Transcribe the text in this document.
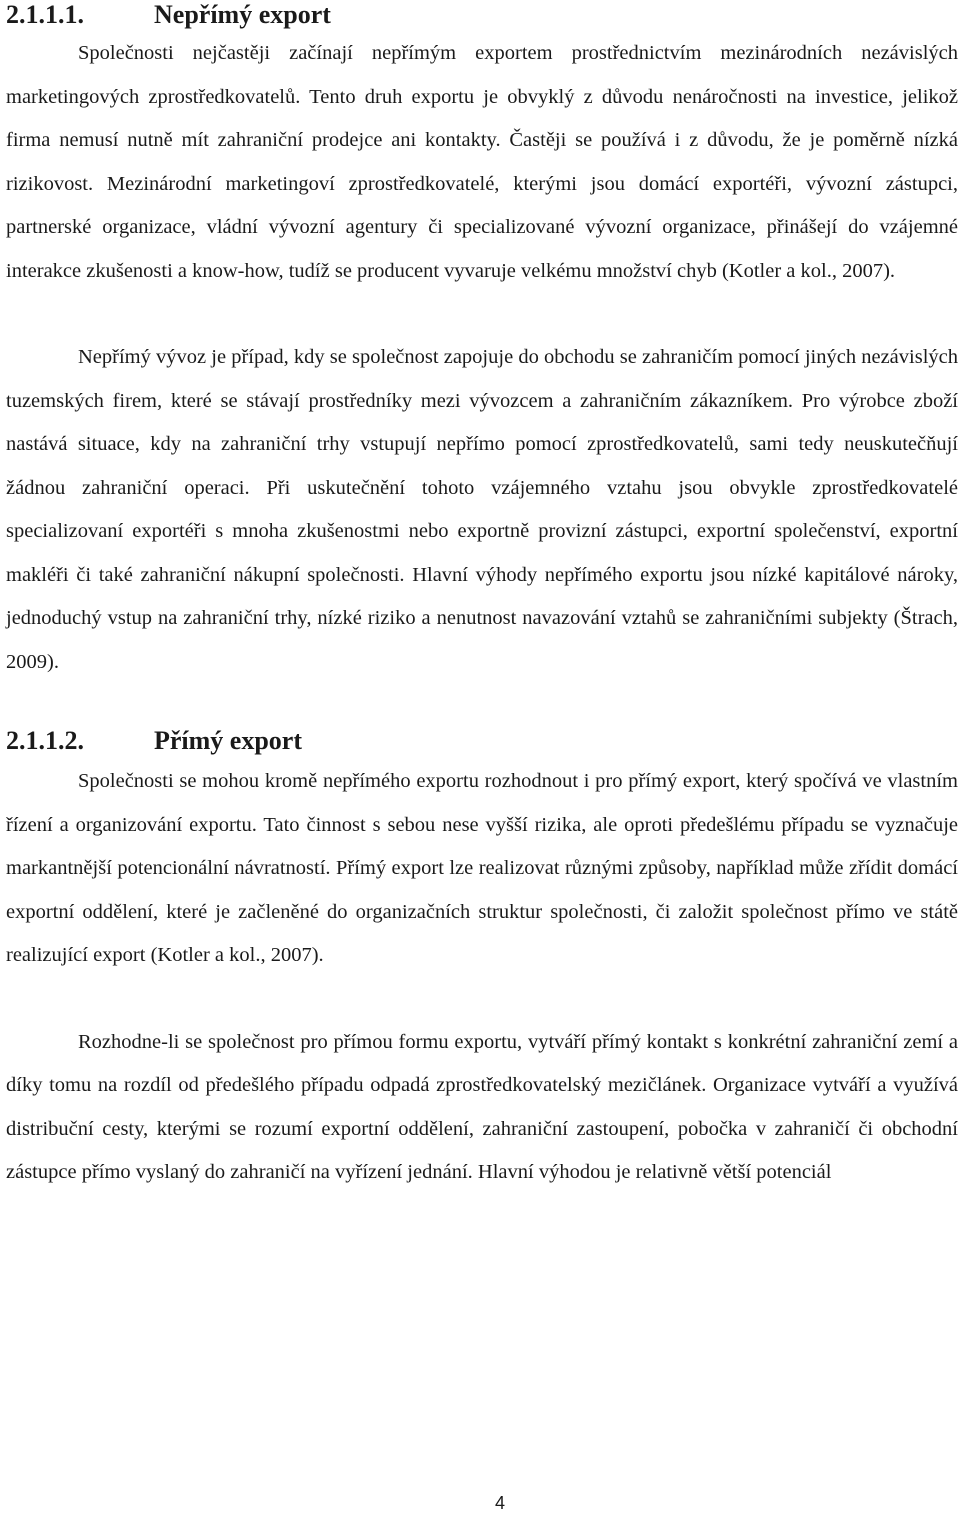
2.1.1.1.	Nepřímý export

Společnosti nejčastěji začínají nepřímým exportem prostřednictvím mezinárodních nezávislých marketingových zprostředkovatelů. Tento druh exportu je obvyklý z důvodu nenáročnosti na investice, jelikož firma nemusí nutně mít zahraniční prodejce ani kontakty. Častěji se používá i z důvodu, že je poměrně nízká rizikovost. Mezinárodní marketingoví zprostředkovatelé, kterými jsou domácí exportéři, vývozní zástupci, partnerské organizace, vládní vývozní agentury či specializované vývozní organizace, přinášejí do vzájemné interakce zkušenosti a know-how, tudíž se producent vyvaruje velkému množství chyb (Kotler a kol., 2007).

Nepřímý vývoz je případ, kdy se společnost zapojuje do obchodu se zahraničím pomocí jiných nezávislých tuzemských firem, které se stávají prostředníky mezi vývozcem a zahraničním zákazníkem. Pro výrobce zboží nastává situace, kdy na zahraniční trhy vstupují nepřímo pomocí zprostředkovatelů, sami tedy neuskutečňují žádnou zahraniční operaci. Při uskutečnění tohoto vzájemného vztahu jsou obvykle zprostředkovatelé specializovaní exportéři s mnoha zkušenostmi nebo exportně provizní zástupci, exportní společenství, exportní makléři či také zahraniční nákupní společnosti. Hlavní výhody nepřímého exportu jsou nízké kapitálové nároky, jednoduchý vstup na zahraniční trhy, nízké riziko a nenutnost navazování vztahů se zahraničními subjekty (Štrach, 2009).

2.1.1.2.	Přímý export

Společnosti se mohou kromě nepřímého exportu rozhodnout i pro přímý export, který spočívá ve vlastním řízení a organizování exportu. Tato činnost s sebou nese vyšší rizika, ale oproti předešlému případu se vyznačuje markantnější potencionální návratností. Přímý export lze realizovat různými způsoby, například může zřídit domácí exportní oddělení, které je začleněné do organizačních struktur společnosti, či založit společnost přímo ve státě realizující export (Kotler a kol., 2007).

Rozhodne-li se společnost pro přímou formu exportu, vytváří přímý kontakt s konkrétní zahraniční zemí a díky tomu na rozdíl od předešlého případu odpadá zprostředkovatelský mezičlánek. Organizace vytváří a využívá distribuční cesty, kterými se rozumí exportní oddělení, zahraniční zastoupení, pobočka v zahraničí či obchodní zástupce přímo vyslaný do zahraničí na vyřízení jednání. Hlavní výhodou je relativně větší potenciál

4
